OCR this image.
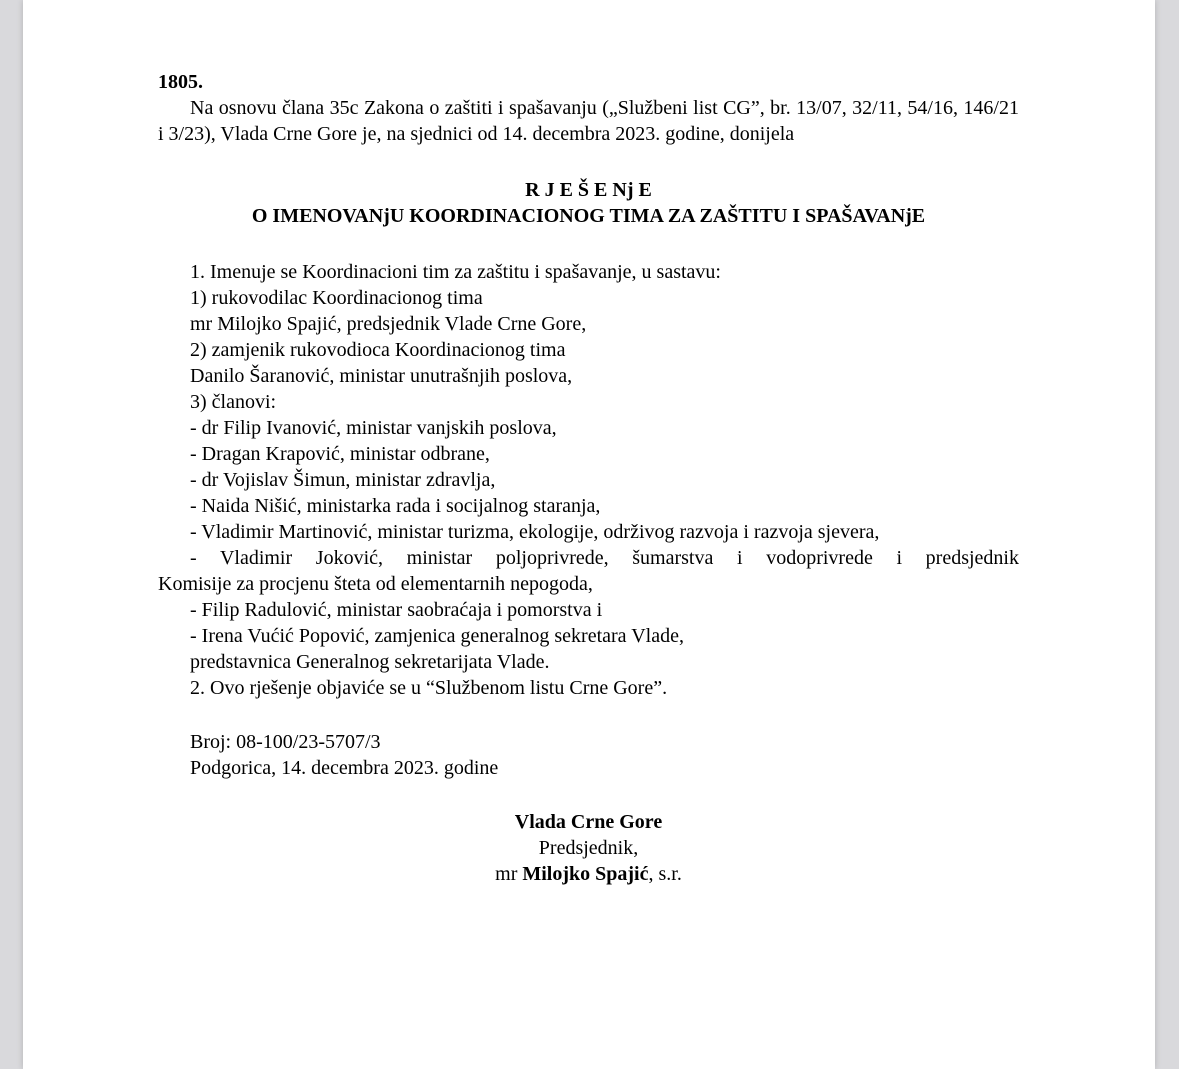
1805.

Na osnovu člana 35c Zakona o zaštiti i spašavanju („Službeni list CG”, br. 13/07, 32/11, 54/16, 146/21 i 3/23), Vlada Crne Gore je, na sjednici od 14. decembra 2023. godine, donijela

R J E Š E Nj E

O IMENOVANjU KOORDINACIONOG TIMA ZA ZAŠTITU I SPAŠAVANjE

1. Imenuje se Koordinacioni tim za zaštitu i spašavanje, u sastavu:

1) rukovodilac Koordinacionog tima

mr Milojko Spajić, predsjednik Vlade Crne Gore,

2) zamjenik rukovodioca Koordinacionog tima

Danilo Šaranović, ministar unutrašnjih poslova,

3) članovi:

- dr Filip Ivanović, ministar vanjskih poslova,

- Dragan Krapović, ministar odbrane,

- dr Vojislav Šimun, ministar zdravlja,

- Naida Nišić, ministarka rada i socijalnog staranja,

- Vladimir Martinović, ministar turizma, ekologije, održivog razvoja i razvoja sjevera,

- Vladimir Joković, ministar poljoprivrede, šumarstva i vodoprivrede i predsjednik

Komisije za procjenu šteta od elementarnih nepogoda,

- Filip Radulović, ministar saobraćaja i pomorstva i

- Irena Vućić Popović, zamjenica generalnog sekretara Vlade,

predstavnica Generalnog sekretarijata Vlade.

2. Ovo rješenje objaviće se u “Službenom listu Crne Gore”.

Broj: 08-100/23-5707/3

Podgorica, 14. decembra 2023. godine

Vlada Crne Gore

Predsjednik,

mr Milojko Spajić, s.r.
